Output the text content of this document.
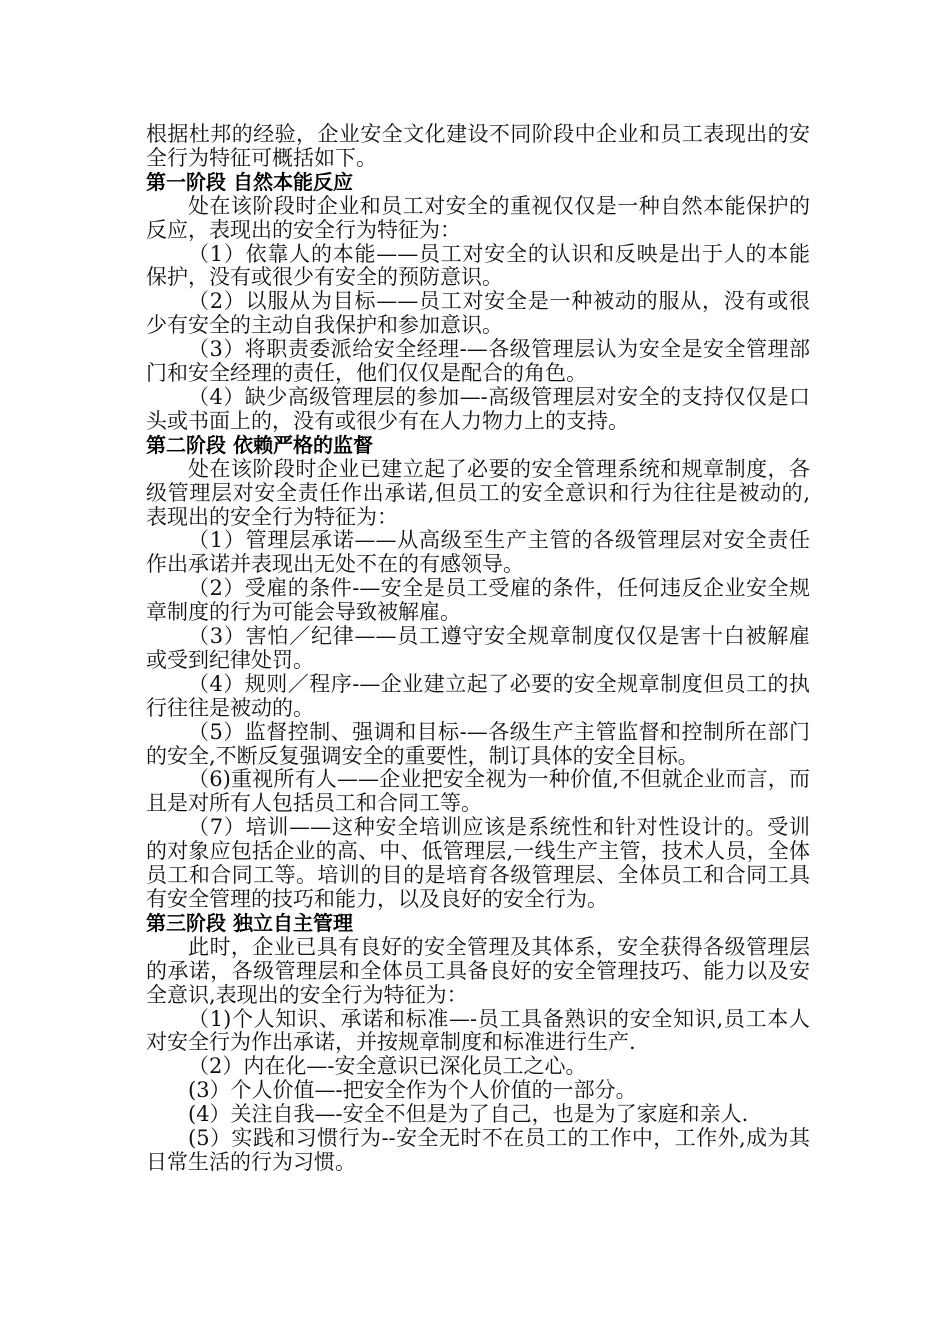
根据杜邦的经验，企业安全文化建设不同阶段中企业和员工表现出的安全行为特征可概括如下。

第一阶段 自然本能反应

处在该阶段时企业和员工对安全的重视仅仅是一种自然本能保护的反应，表现出的安全行为特征为：

（1）依靠人的本能——员工对安全的认识和反映是出于人的本能保护，没有或很少有安全的预防意识。

（2）以服从为目标——员工对安全是一种被动的服从，没有或很少有安全的主动自我保护和参加意识。

（3）将职责委派给安全经理-—各级管理层认为安全是安全管理部门和安全经理的责任，他们仅仅是配合的角色。

（4）缺少高级管理层的参加—-高级管理层对安全的支持仅仅是口头或书面上的，没有或很少有在人力物力上的支持。

第二阶段 依赖严格的监督

处在该阶段时企业已建立起了必要的安全管理系统和规章制度，各级管理层对安全责任作出承诺,但员工的安全意识和行为往往是被动的,表现出的安全行为特征为：

（1）管理层承诺——从高级至生产主管的各级管理层对安全责任作出承诺并表现出无处不在的有感领导。

（2）受雇的条件-—安全是员工受雇的条件，任何违反企业安全规章制度的行为可能会导致被解雇。

（3）害怕／纪律——员工遵守安全规章制度仅仅是害十白被解雇或受到纪律处罚。

（4）规则／程序-—企业建立起了必要的安全规章制度但员工的执行往往是被动的。

（5）监督控制、强调和目标-—各级生产主管监督和控制所在部门的安全,不断反复强调安全的重要性，制订具体的安全目标。

（6)重视所有人——企业把安全视为一种价值,不但就企业而言，而且是对所有人包括员工和合同工等。

（7）培训——这种安全培训应该是系统性和针对性设计的。受训的对象应包括企业的高、中、低管理层,一线生产主管，技术人员，全体员工和合同工等。培训的目的是培育各级管理层、全体员工和合同工具有安全管理的技巧和能力，以及良好的安全行为。

第三阶段 独立自主管理

此时，企业已具有良好的安全管理及其体系，安全获得各级管理层的承诺，各级管理层和全体员工具备良好的安全管理技巧、能力以及安全意识,表现出的安全行为特征为：

（1)个人知识、承诺和标准—-员工具备熟识的安全知识,员工本人对安全行为作出承诺，并按规章制度和标准进行生产.

（2）内在化—-安全意识已深化员工之心。

(3）个人价值—-把安全作为个人价值的一部分。

(4）关注自我—-安全不但是为了自己，也是为了家庭和亲人.

(5）实践和习惯行为--安全无时不在员工的工作中，工作外,成为其日常生活的行为习惯。
